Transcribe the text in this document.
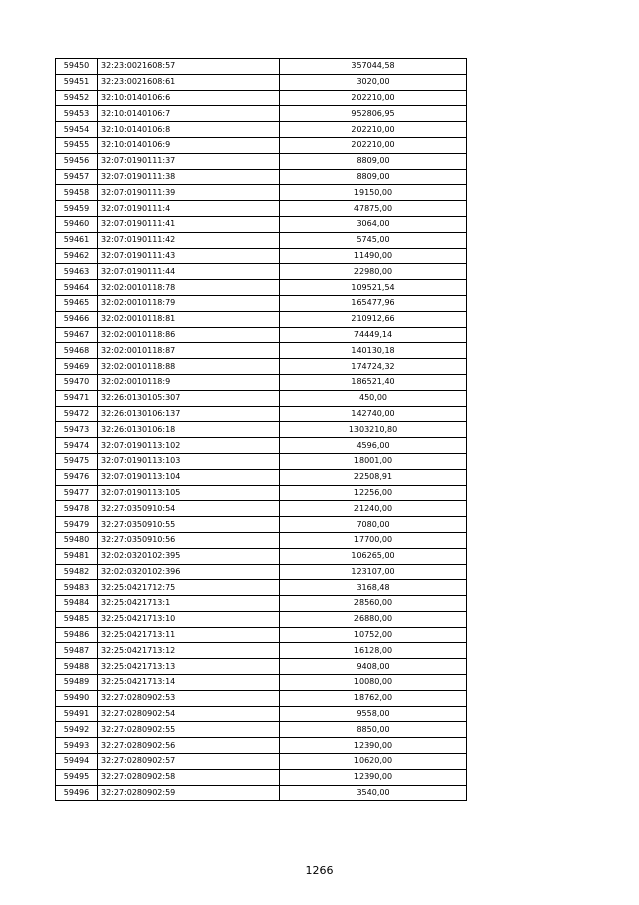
59450	32:23:0021608:57	357044,58
59451	32:23:0021608:61	3020,00
59452	32:10:0140106:6	202210,00
59453	32:10:0140106:7	952806,95
59454	32:10:0140106:8	202210,00
59455	32:10:0140106:9	202210,00
59456	32:07:0190111:37	8809,00
59457	32:07:0190111:38	8809,00
59458	32:07:0190111:39	19150,00
59459	32:07:0190111:4	47875,00
59460	32:07:0190111:41	3064,00
59461	32:07:0190111:42	5745,00
59462	32:07:0190111:43	11490,00
59463	32:07:0190111:44	22980,00
59464	32:02:0010118:78	109521,54
59465	32:02:0010118:79	165477,96
59466	32:02:0010118:81	210912,66
59467	32:02:0010118:86	74449,14
59468	32:02:0010118:87	140130,18
59469	32:02:0010118:88	174724,32
59470	32:02:0010118:9	186521,40
59471	32:26:0130105:307	450,00
59472	32:26:0130106:137	142740,00
59473	32:26:0130106:18	1303210,80
59474	32:07:0190113:102	4596,00
59475	32:07:0190113:103	18001,00
59476	32:07:0190113:104	22508,91
59477	32:07:0190113:105	12256,00
59478	32:27:0350910:54	21240,00
59479	32:27:0350910:55	7080,00
59480	32:27:0350910:56	17700,00
59481	32:02:0320102:395	106265,00
59482	32:02:0320102:396	123107,00
59483	32:25:0421712:75	3168,48
59484	32:25:0421713:1	28560,00
59485	32:25:0421713:10	26880,00
59486	32:25:0421713:11	10752,00
59487	32:25:0421713:12	16128,00
59488	32:25:0421713:13	9408,00
59489	32:25:0421713:14	10080,00
59490	32:27:0280902:53	18762,00
59491	32:27:0280902:54	9558,00
59492	32:27:0280902:55	8850,00
59493	32:27:0280902:56	12390,00
59494	32:27:0280902:57	10620,00
59495	32:27:0280902:58	12390,00
59496	32:27:0280902:59	3540,00
1266
